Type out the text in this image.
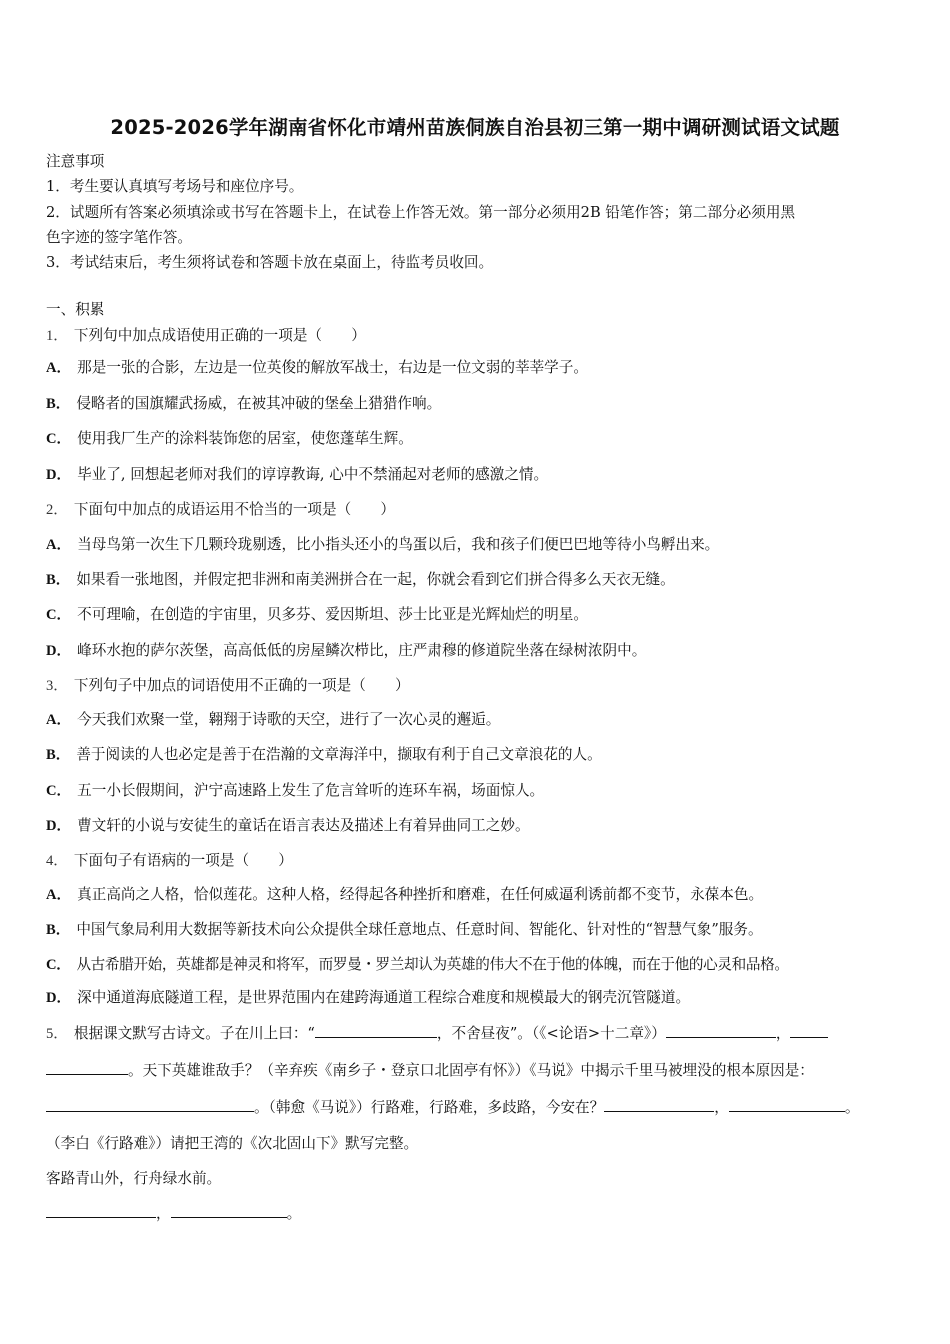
2025-2026学年湖南省怀化市靖州苗族侗族自治县初三第一期中调研测试语文试题
注意事项
1．考生要认真填写考场号和座位序号。
2．试题所有答案必须填涂或书写在答题卡上，在试卷上作答无效。第一部分必须用2B 铅笔作答；第二部分必须用黑
色字迹的签字笔作答。
3．考试结束后，考生须将试卷和答题卡放在桌面上，待监考员收回。
一、积累
1． 下列句中加点成语使用正确的一项是（　　）
A． 那是一张的合影，左边是一位英俊的解放军战士，右边是一位文弱的莘莘学子。
B． 侵略者的国旗耀武扬威，在被其冲破的堡垒上猎猎作响。
C． 使用我厂生产的涂料装饰您的居室，使您蓬荜生辉。
D． 毕业了, 回想起老师对我们的谆谆教诲, 心中不禁涌起对老师的感激之情。
2． 下面句中加点的成语运用不恰当的一项是（　　）
A． 当母鸟第一次生下几颗玲珑剔透，比小指头还小的鸟蛋以后，我和孩子们便巴巴地等待小鸟孵出来。
B． 如果看一张地图，并假定把非洲和南美洲拼合在一起，你就会看到它们拼合得多么天衣无缝。
C． 不可理喻，在创造的宇宙里，贝多芬、爱因斯坦、莎士比亚是光辉灿烂的明星。
D． 峰环水抱的萨尔茨堡，高高低低的房屋鳞次栉比，庄严肃穆的修道院坐落在绿树浓阴中。
3． 下列句子中加点的词语使用不正确的一项是（　　）
A． 今天我们欢聚一堂，翱翔于诗歌的天空，进行了一次心灵的邂逅。
B． 善于阅读的人也必定是善于在浩瀚的文章海洋中，撷取有利于自己文章浪花的人。
C． 五一小长假期间，沪宁高速路上发生了危言耸听的连环车祸，场面惊人。
D． 曹文轩的小说与安徒生的童话在语言表达及描述上有着异曲同工之妙。
4． 下面句子有语病的一项是（　　）
A． 真正高尚之人格，恰似莲花。这种人格，经得起各种挫折和磨难，在任何威逼利诱前都不变节，永葆本色。
B． 中国气象局利用大数据等新技术向公众提供全球任意地点、任意时间、智能化、针对性的“智慧气象”服务。
C． 从古希腊开始，英雄都是神灵和将军，而罗曼・罗兰却认为英雄的伟大不在于他的体魄，而在于他的心灵和品格。
D． 深中通道海底隧道工程，是世界范围内在建跨海通道工程综合难度和规模最大的钢壳沉管隧道。
5． 根据课文默写古诗文。子在川上曰：“	，不舍昼夜”。（《<论语>十二章》）	，
。天下英雄谁敌手？（辛弃疾《南乡子・登京口北固亭有怀》）《马说》中揭示千里马被埋没的根本原因是：
。（韩愈《马说》）行路难，行路难，多歧路，今安在？	，	。
（李白《行路难》）请把王湾的《次北固山下》默写完整。
客路青山外，行舟绿水前。
，	。
